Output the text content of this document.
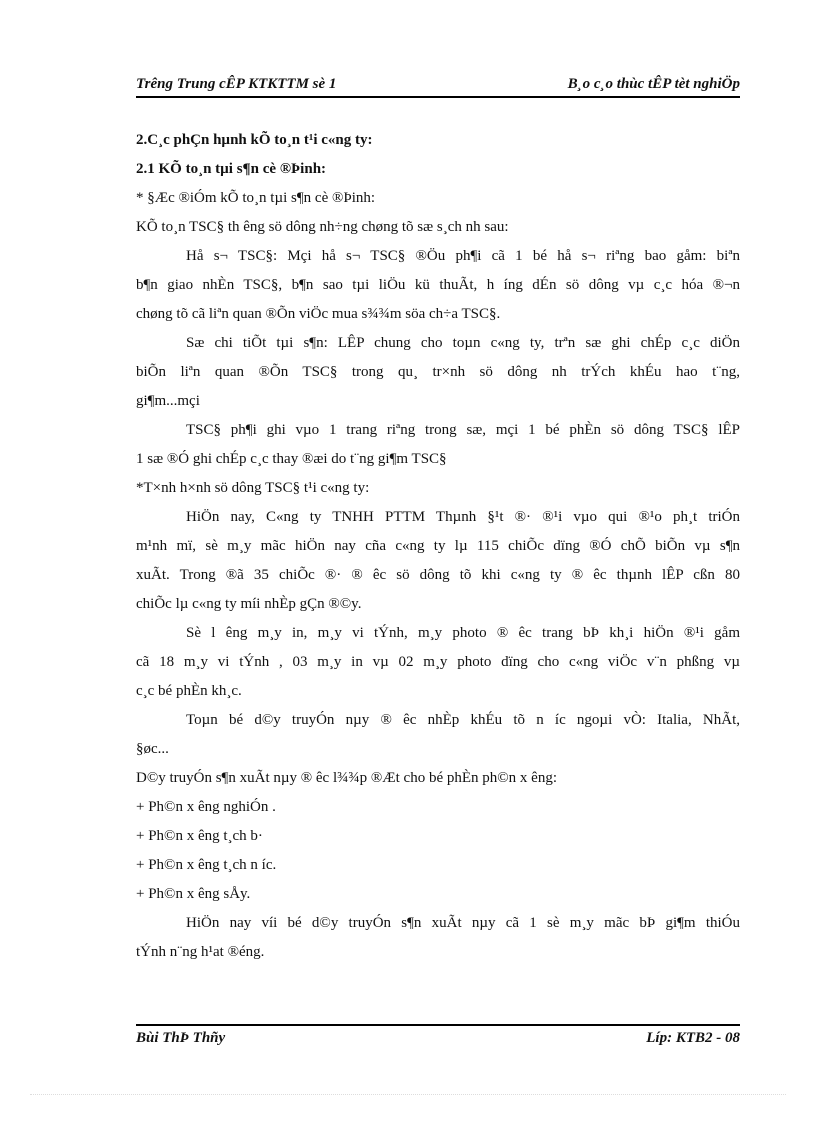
Trêng Trung cÊP KTKTTM sè 1	B¸o c¸o thùc tÊP tèt nghiÖp
2.C¸c phÇn hµnh kÕ to¸n t¹i c«ng ty:
2.1 KÕ to¸n tµi s¶n cè ®Þinh:
* §Æc ®iÓm kÕ to¸n tµi s¶n cè ®Þinh:
KÕ to¸n TSC§ th êng sö dông nh÷ng chøng tõ sæ s¸ch nh sau:
Hå s¬ TSC§: Mçi hå s¬ TSC§ ®Öu ph¶i cã 1 bé hå s¬ riªng bao gåm: biªn
b¶n giao nhÈn TSC§, b¶n sao tµi liÖu kü thuÃt, h íng dÉn sö dông vµ c¸c hóa ®¬n
chøng tõ cã liªn quan ®Õn viÖc mua s¾¾m söa ch÷a TSC§.
Sæ chi tiÕt tµi s¶n: LÊP chung cho toµn c«ng ty, trªn sæ ghi chÉp c¸c diÖn
biÕn liªn quan ®Õn TSC§ trong qu¸ tr×nh sö dông nh trÝch khÉu hao t¨ng,
gi¶m...mçi
TSC§ ph¶i ghi vµo 1 trang riªng trong sæ, mçi 1 bé phÈn sö dông TSC§ lÊP
1 sæ ®Ó ghi chÉp c¸c thay ®æi do t¨ng gi¶m TSC§
*T×nh h×nh sö dông TSC§ t¹i c«ng ty:
HiÖn nay, C«ng ty TNHH PTTM Thµnh §¹t ®· ®¹i vµo qui ®¹o ph¸t triÓn
m¹nh mï, sè m¸y mãc hiÖn nay cña c«ng ty lµ 115 chiÕc dïng ®Ó chÕ biÕn vµ s¶n
xuÃt. Trong ®ã 35 chiÕc ®· ® êc sö dông tõ khi c«ng ty ® êc thµnh lÊP cßn 80
chiÕc lµ c«ng ty míi nhÈp gÇn ®©y.
Sè l êng m¸y in, m¸y vi tÝnh, m¸y photo ® êc trang bÞ kh¸i hiÖn ®¹i gåm
cã 18 m¸y vi tÝnh , 03 m¸y in vµ 02 m¸y photo dïng cho c«ng viÖc v¨n phßng vµ
c¸c bé phÈn kh¸c.
Toµn bé d©y truyÓn nµy ® êc nhÈp khÉu tõ n íc ngoµi vÒ: Italia, NhÃt,
§øc...
D©y truyÓn s¶n xuÃt nµy ® êc l¾¾p ®Æt cho bé phÈn ph©n x êng:
+ Ph©n x êng nghiÓn .
+ Ph©n x êng t¸ch b·
+ Ph©n x êng t¸ch n íc.
+ Ph©n x êng sÅy.
HiÖn nay víi bé d©y truyÓn s¶n xuÃt nµy cã 1 sè m¸y mãc bÞ gi¶m thiÓu
tÝnh n¨ng h¹at ®éng.
Bùi ThÞ Thñy	Líp: KTB2 - 08
